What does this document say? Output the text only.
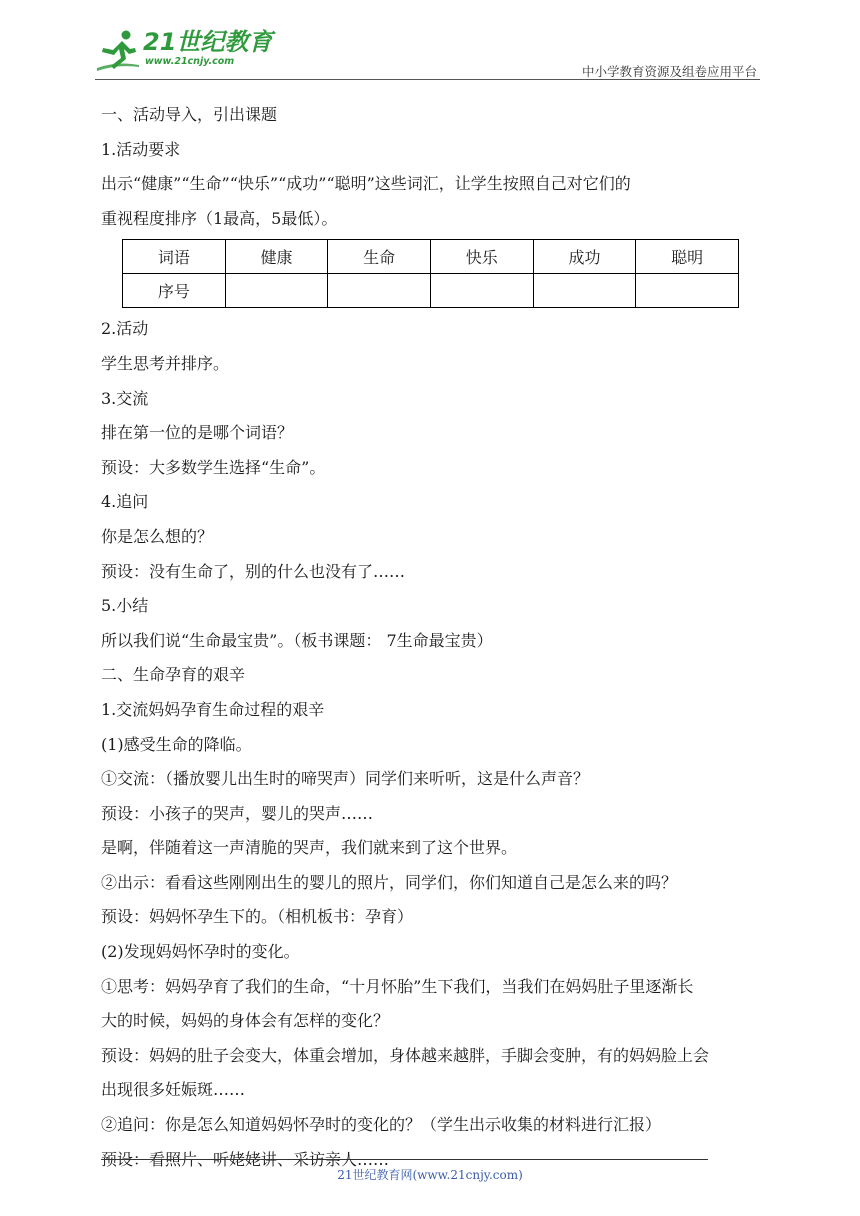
21世纪教育
www.21cnjy.com
中小学教育资源及组卷应用平台
一、活动导入，引出课题
1.活动要求
出示“健康”“生命”“快乐”“成功”“聪明”这些词汇，让学生按照自己对它们的
重视程度排序（1最高，5最低）。
词语	健康	生命	快乐	成功	聪明
序号					
2.活动
学生思考并排序。
3.交流
排在第一位的是哪个词语？
预设：大多数学生选择“生命”。
4.追问
你是怎么想的？
预设：没有生命了，别的什么也没有了……
5.小结
所以我们说“生命最宝贵”。（板书课题： 7生命最宝贵）
二、生命孕育的艰辛
1.交流妈妈孕育生命过程的艰辛
(1)感受生命的降临。
①交流：（播放婴儿出生时的啼哭声）同学们来听听，这是什么声音？
预设：小孩子的哭声，婴儿的哭声……
是啊，伴随着这一声清脆的哭声，我们就来到了这个世界。
②出示：看看这些刚刚出生的婴儿的照片，同学们，你们知道自己是怎么来的吗？
预设：妈妈怀孕生下的。（相机板书：孕育）
(2)发现妈妈怀孕时的变化。
①思考：妈妈孕育了我们的生命，“十月怀胎”生下我们，当我们在妈妈肚子里逐渐长
大的时候，妈妈的身体会有怎样的变化？
预设：妈妈的肚子会变大，体重会增加，身体越来越胖，手脚会变肿，有的妈妈脸上会
出现很多妊娠斑……
②追问：你是怎么知道妈妈怀孕时的变化的？（学生出示收集的材料进行汇报）
预设：看照片、听姥姥讲、采访亲人……
21世纪教育网(www.21cnjy.com)
